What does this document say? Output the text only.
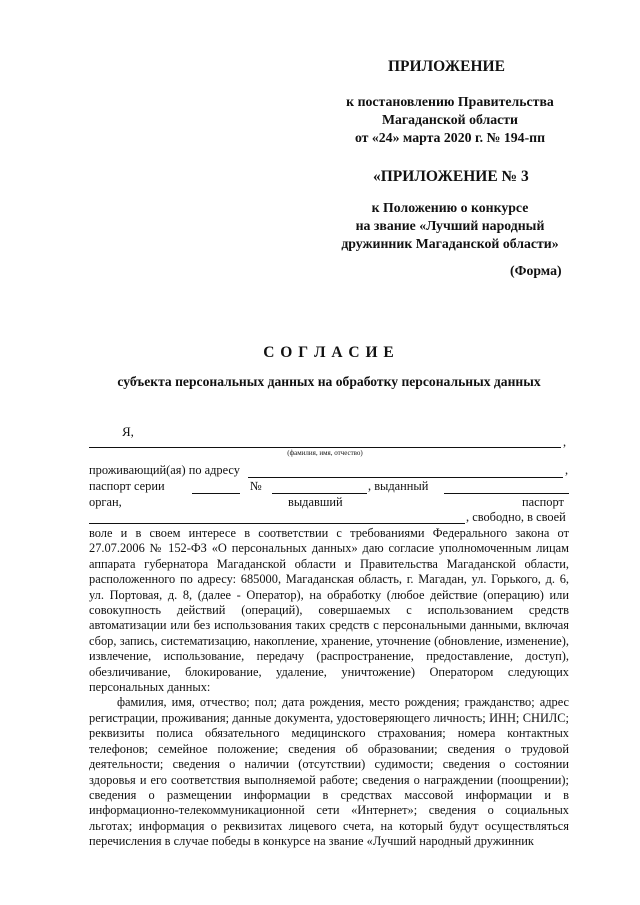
ПРИЛОЖЕНИЕ
к постановлению Правительства
Магаданской области
от «24» марта 2020 г. № 194-пп
«ПРИЛОЖЕНИЕ № 3
к Положению о конкурсе
на звание «Лучший народный
дружинник Магаданской области»
(Форма)
С О Г Л А С И Е
субъекта персональных данных на обработку персональных данных
Я,
,
(фамилия, имя, отчество)
проживающий(ая) по адресу	,
паспорт серии	№	, выданный
орган,	выдавший	паспорт
, свободно, в своей

воле и в своем интересе в соответствии с требованиями Федерального закона от 27.07.2006 № 152-ФЗ «О персональных данных» даю согласие уполномоченным лицам аппарата губернатора Магаданской области и Правительства Магаданской области, расположенного по адресу: 685000, Магаданская область, г. Магадан, ул. Горького, д. 6, ул. Портовая, д. 8, (далее - Оператор), на обработку (любое действие (операцию) или совокупность действий (операций), совершаемых с использованием средств автоматизации или без использования таких средств с персональными данными, включая сбор, запись, систематизацию, накопление, хранение, уточнение (обновление, изменение), извлечение, использование, передачу (распространение, предоставление, доступ), обезличивание, блокирование, удаление, уничтожение) Оператором следующих персональных данных:

фамилия, имя, отчество; пол; дата рождения, место рождения; гражданство; адрес регистрации, проживания; данные документа, удостоверяющего личность; ИНН; СНИЛС; реквизиты полиса обязательного медицинского страхования; номера контактных телефонов; семейное положение; сведения об образовании; сведения о трудовой деятельности; сведения о наличии (отсутствии) судимости; сведения о состоянии здоровья и его соответствия выполняемой работе; сведения о награждении (поощрении); сведения о размещении информации в средствах массовой информации и в информационно-телекоммуникационной сети «Интернет»; сведения о социальных льготах; информация о реквизитах лицевого счета, на который будут осуществляться перечисления в случае победы в конкурсе на звание «Лучший народный дружинник
